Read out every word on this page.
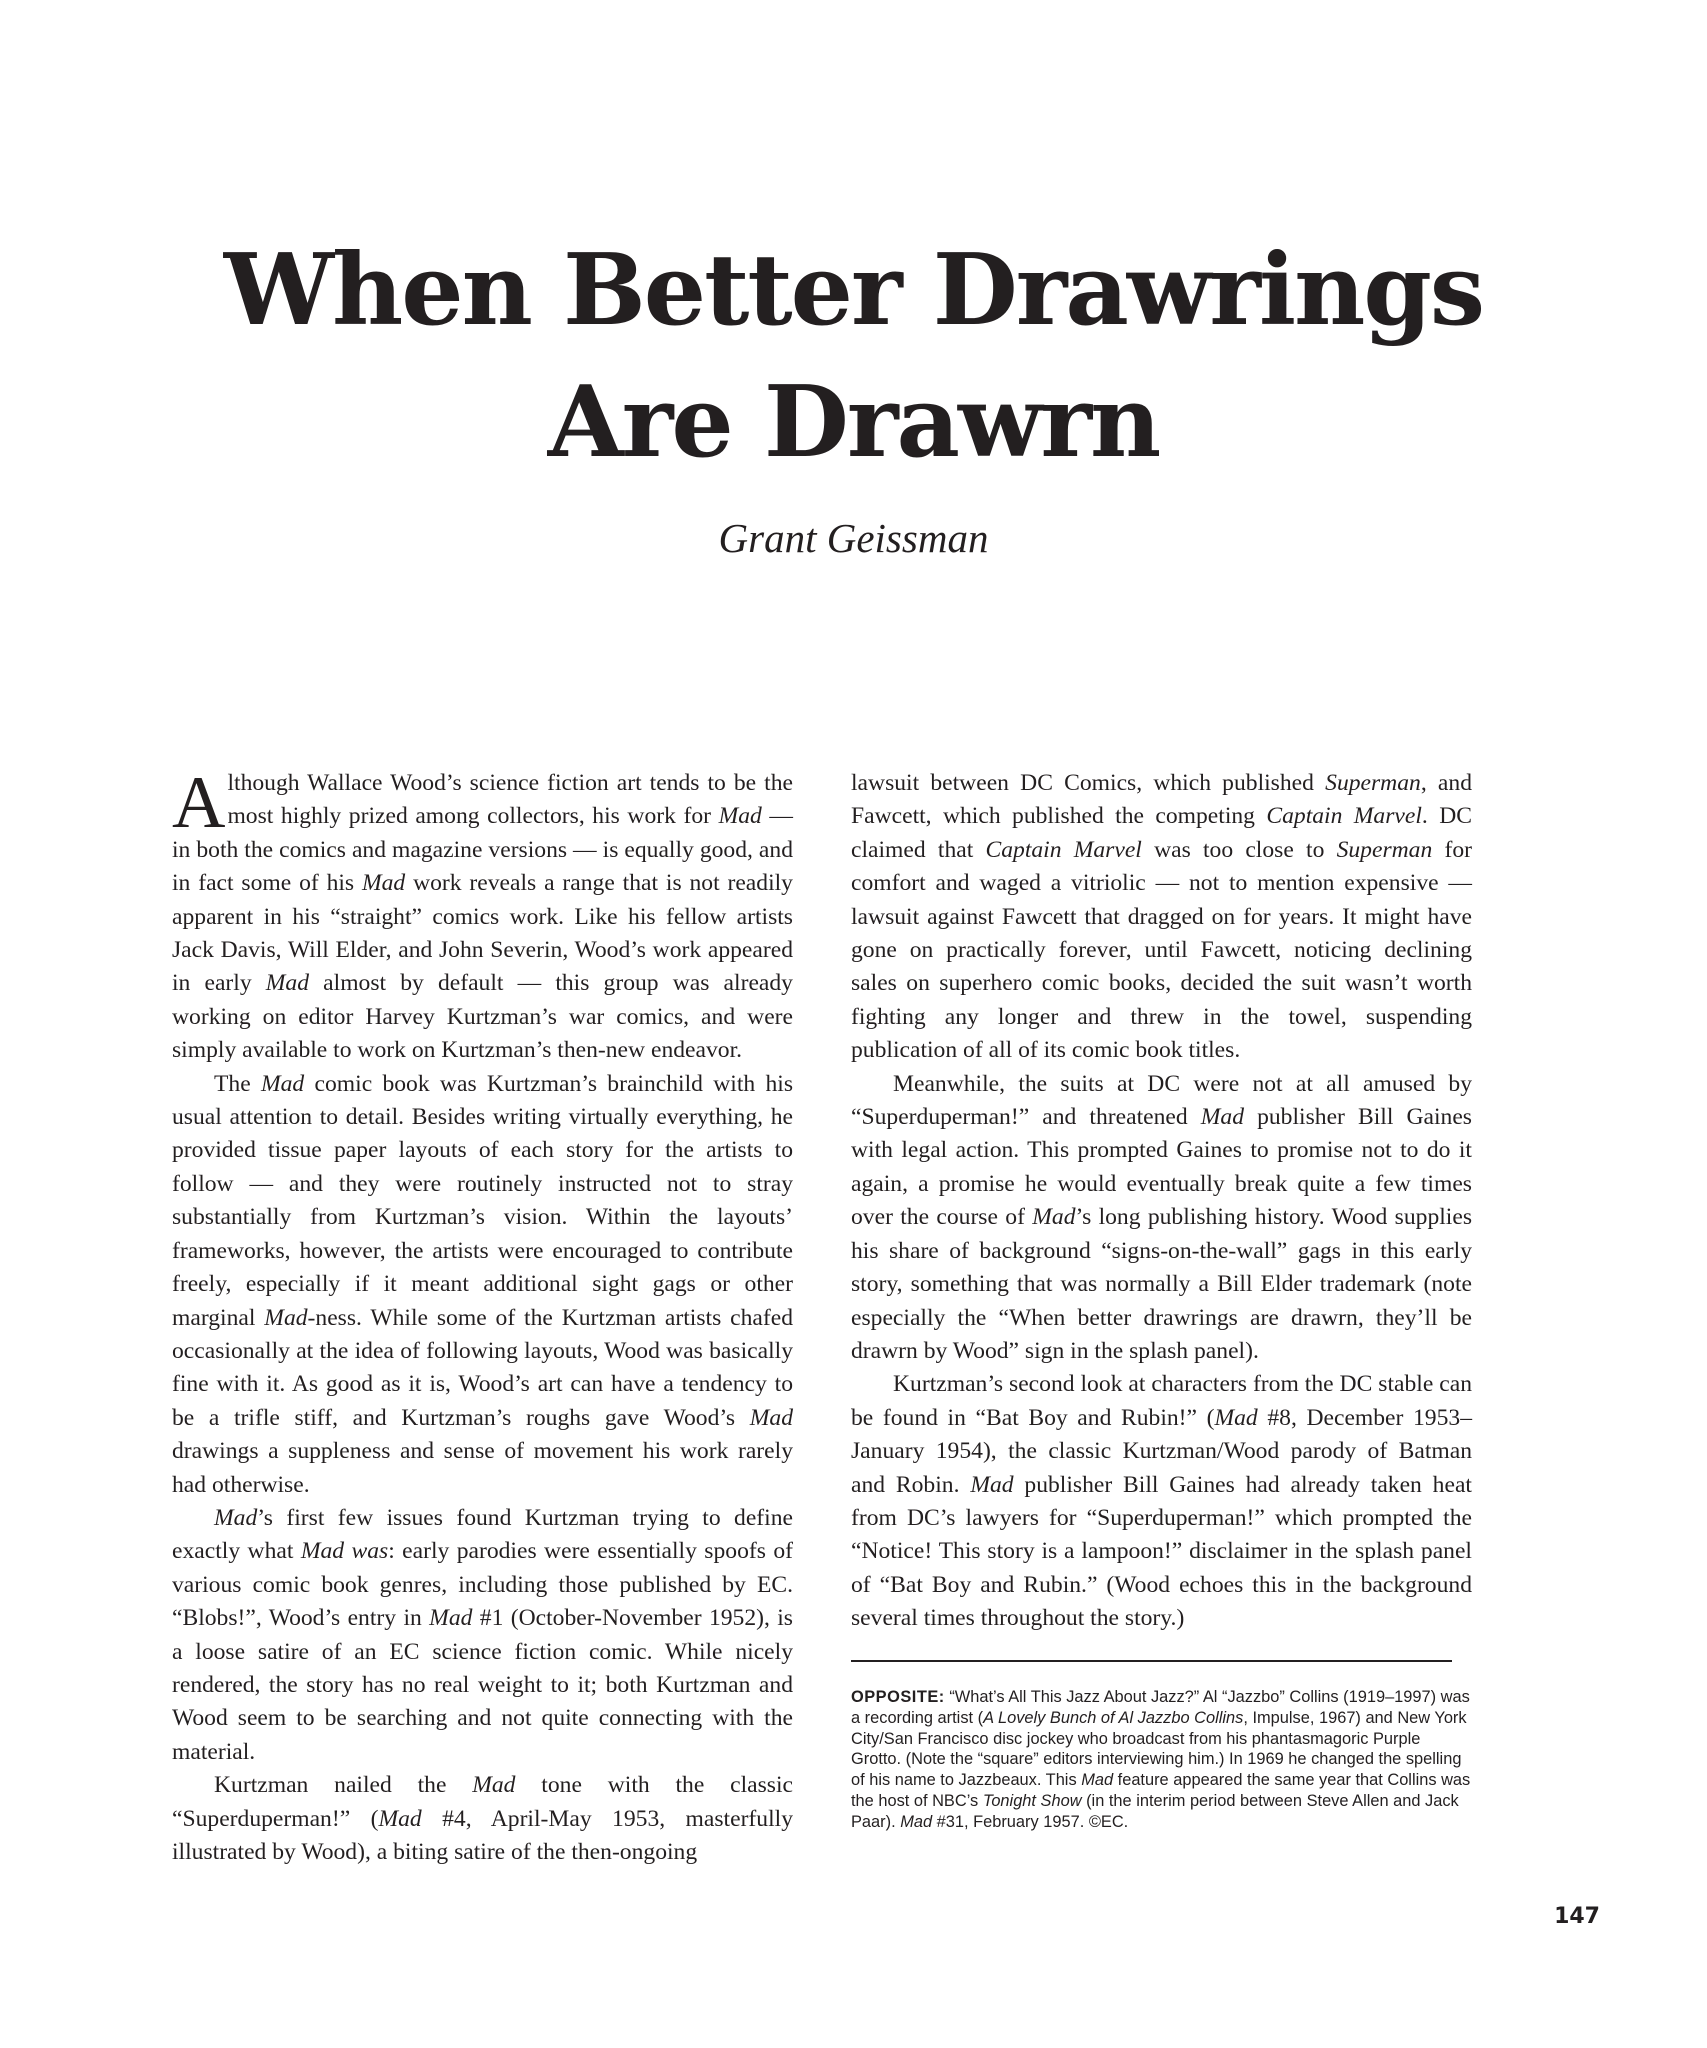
When Better Drawrings
Are Drawrn

Grant Geissman

Although Wallace Wood’s science fiction art tends to be the most highly prized among collectors, his work for Mad — in both the comics and magazine versions — is equally good, and in fact some of his Mad work reveals a range that is not readily apparent in his “straight” comics work. Like his fellow artists Jack Davis, Will Elder, and John Severin, Wood’s work appeared in early Mad almost by default — this group was already working on editor Harvey Kurtzman’s war comics, and were simply available to work on Kurtzman’s then-new endeavor.

The Mad comic book was Kurtzman’s brainchild with his usual attention to detail. Besides writing virtually everything, he provided tissue paper layouts of each story for the artists to follow — and they were routinely instructed not to stray substantially from Kurtzman’s vision. Within the layouts’ frameworks, however, the artists were encouraged to contribute freely, especially if it meant additional sight gags or other marginal Mad-ness. While some of the Kurtzman artists chafed occasionally at the idea of following layouts, Wood was basically fine with it. As good as it is, Wood’s art can have a tendency to be a trifle stiff, and Kurtzman’s roughs gave Wood’s Mad drawings a suppleness and sense of movement his work rarely had otherwise.

Mad’s first few issues found Kurtzman trying to define exactly what Mad was: early parodies were essentially spoofs of various comic book genres, including those published by EC. “Blobs!”, Wood’s entry in Mad #1 (October-November 1952), is a loose satire of an EC science fiction comic. While nicely rendered, the story has no real weight to it; both Kurtzman and Wood seem to be searching and not quite connecting with the material.

Kurtzman nailed the Mad tone with the classic “Superduperman!” (Mad #4, April-May 1953, masterfully illustrated by Wood), a biting satire of the then-ongoing

lawsuit between DC Comics, which published Superman, and Fawcett, which published the competing Captain Marvel. DC claimed that Captain Marvel was too close to Superman for comfort and waged a vitriolic — not to mention expensive — lawsuit against Fawcett that dragged on for years. It might have gone on practically forever, until Fawcett, noticing declining sales on superhero comic books, decided the suit wasn’t worth fighting any longer and threw in the towel, suspending publication of all of its comic book titles.

Meanwhile, the suits at DC were not at all amused by “Superduperman!” and threatened Mad publisher Bill Gaines with legal action. This prompted Gaines to promise not to do it again, a promise he would eventually break quite a few times over the course of Mad’s long publishing history. Wood supplies his share of background “signs-on-the-wall” gags in this early story, something that was normally a Bill Elder trademark (note especially the “When better drawrings are drawrn, they’ll be drawrn by Wood” sign in the splash panel).

Kurtzman’s second look at characters from the DC stable can be found in “Bat Boy and Rubin!” (Mad #8, December 1953–January 1954), the classic Kurtzman/Wood parody of Batman and Robin. Mad publisher Bill Gaines had already taken heat from DC’s lawyers for “Superduperman!” which prompted the “Notice! This story is a lampoon!” disclaimer in the splash panel of “Bat Boy and Rubin.” (Wood echoes this in the background several times throughout the story.)

OPPOSITE: “What’s All This Jazz About Jazz?” Al “Jazzbo” Collins (1919–1997) was a recording artist (A Lovely Bunch of Al Jazzbo Collins, Impulse, 1967) and New York City/San Francisco disc jockey who broadcast from his phantasmagoric Purple Grotto. (Note the “square” editors interviewing him.) In 1969 he changed the spelling of his name to Jazzbeaux. This Mad feature appeared the same year that Collins was the host of NBC’s Tonight Show (in the interim period between Steve Allen and Jack Paar). Mad #31, February 1957. ©EC.

147
